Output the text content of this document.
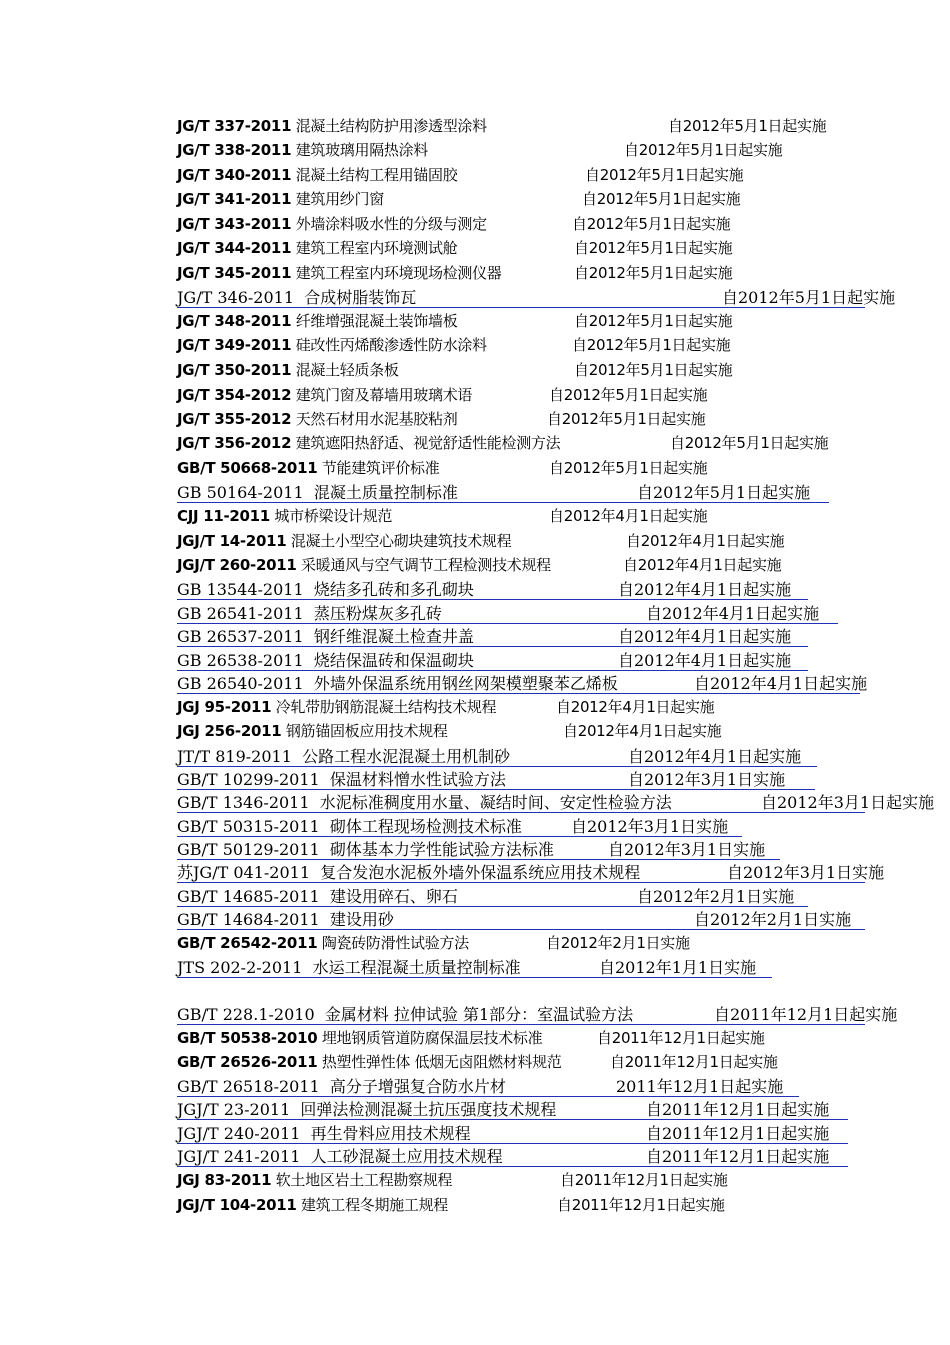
JG/T 337-2011 混凝土结构防护用渗透型涂料	自2012年5月1日起实施
JG/T 338-2011 建筑玻璃用隔热涂料	自2012年5月1日起实施
JG/T 340-2011 混凝土结构工程用锚固胶	自2012年5月1日起实施
JG/T 341-2011 建筑用纱门窗	自2012年5月1日起实施
JG/T 343-2011 外墙涂料吸水性的分级与测定	自2012年5月1日起实施
JG/T 344-2011 建筑工程室内环境测试舱	自2012年5月1日起实施
JG/T 345-2011 建筑工程室内环境现场检测仪器	自2012年5月1日起实施
JG/T 346-2011 合成树脂装饰瓦	自2012年5月1日起实施
JG/T 348-2011 纤维增强混凝土装饰墙板	自2012年5月1日起实施
JG/T 349-2011 硅改性丙烯酸渗透性防水涂料	自2012年5月1日起实施
JG/T 350-2011 混凝土轻质条板	自2012年5月1日起实施
JG/T 354-2012 建筑门窗及幕墙用玻璃术语	自2012年5月1日起实施
JG/T 355-2012 天然石材用水泥基胶粘剂	自2012年5月1日起实施
JG/T 356-2012 建筑遮阳热舒适、视觉舒适性能检测方法	自2012年5月1日起实施
GB/T 50668-2011 节能建筑评价标准	自2012年5月1日起实施
GB 50164-2011 混凝土质量控制标准	自2012年5月1日起实施
CJJ 11-2011 城市桥梁设计规范	自2012年4月1日起实施
JGJ/T 14-2011 混凝土小型空心砌块建筑技术规程	自2012年4月1日起实施
JGJ/T 260-2011 采暖通风与空气调节工程检测技术规程	自2012年4月1日起实施
GB 13544-2011 烧结多孔砖和多孔砌块	自2012年4月1日起实施
GB 26541-2011 蒸压粉煤灰多孔砖	自2012年4月1日起实施
GB 26537-2011 钢纤维混凝土检查井盖	自2012年4月1日起实施
GB 26538-2011 烧结保温砖和保温砌块	自2012年4月1日起实施
GB 26540-2011 外墙外保温系统用钢丝网架模塑聚苯乙烯板	自2012年4月1日起实施
JGJ 95-2011 冷轧带肋钢筋混凝土结构技术规程	自2012年4月1日起实施
JGJ 256-2011 钢筋锚固板应用技术规程	自2012年4月1日起实施
JT/T 819-2011 公路工程水泥混凝土用机制砂	自2012年4月1日起实施
GB/T 10299-2011 保温材料憎水性试验方法	自2012年3月1日实施
GB/T 1346-2011 水泥标准稠度用水量、凝结时间、安定性检验方法	自2012年3月1日起实施
GB/T 50315-2011 砌体工程现场检测技术标准	自2012年3月1日实施
GB/T 50129-2011 砌体基本力学性能试验方法标准	自2012年3月1日实施
苏JG/T 041-2011  复合发泡水泥板外墙外保温系统应用技术规程	自2012年3月1日实施
GB/T 14685-2011 建设用碎石、卵石	自2012年2月1日实施
GB/T 14684-2011 建设用砂	自2012年2月1日实施
GB/T 26542-2011 陶瓷砖防滑性试验方法	自2012年2月1日实施
JTS 202-2-2011 水运工程混凝土质量控制标准	自2012年1月1日实施
GB/T 228.1-2010 金属材料 拉伸试验 第1部分：室温试验方法	自2011年12月1日起实施
GB/T 50538-2010 埋地钢质管道防腐保温层技术标准	自2011年12月1日起实施
GB/T 26526-2011 热塑性弹性体 低烟无卤阻燃材料规范	自2011年12月1日起实施
GB/T 26518-2011 高分子增强复合防水片材	2011年12月1日起实施
JGJ/T 23-2011 回弹法检测混凝土抗压强度技术规程	自2011年12月1日起实施
JGJ/T 240-2011 再生骨料应用技术规程	自2011年12月1日起实施
JGJ/T 241-2011 人工砂混凝土应用技术规程	自2011年12月1日起实施
JGJ 83-2011 软土地区岩土工程勘察规程	自2011年12月1日起实施
JGJ/T 104-2011 建筑工程冬期施工规程	自2011年12月1日起实施
